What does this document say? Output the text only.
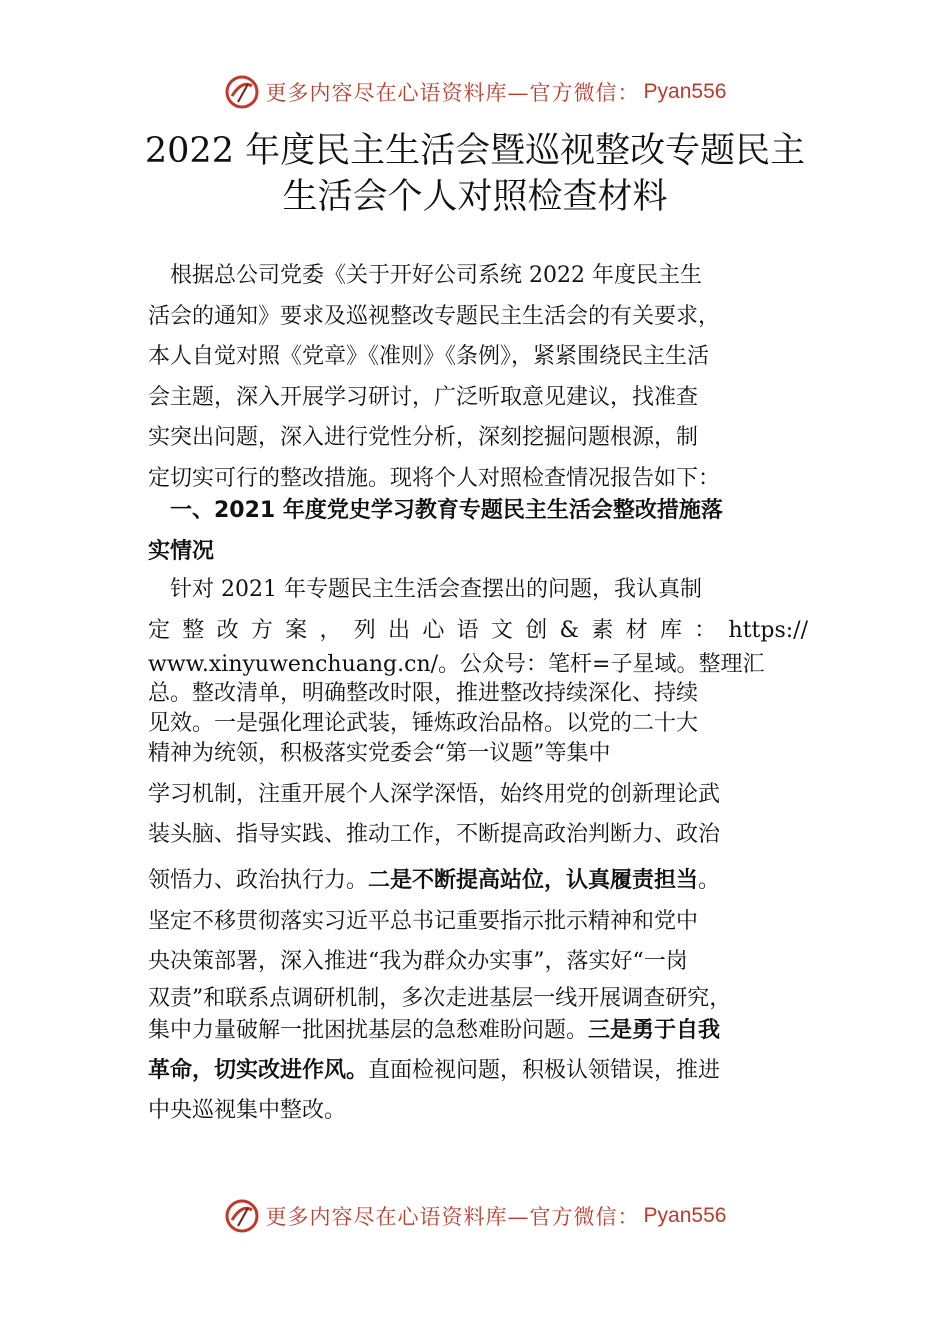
更多内容尽在心语资料库—官方微信： Pyan556
2022 年度民主生活会暨巡视整改专题民主
生活会个人对照检查材料
　根据总公司党委《关于开好公司系统 2022 年度民主生
活会的通知》要求及巡视整改专题民主生活会的有关要求，
本人自觉对照《党章》《准则》《条例》，紧紧围绕民主生活
会主题，深入开展学习研讨，广泛听取意见建议，找准查
实突出问题，深入进行党性分析，深刻挖掘问题根源，制
定切实可行的整改措施。现将个人对照检查情况报告如下：
　一、2021 年度党史学习教育专题民主生活会整改措施落
实情况
　针对 2021 年专题民主生活会查摆出的问题，我认真制
定整改方案，列出心语文创&素材库：https://
www.xinyuwenchuang.cn/。公众号：笔杆=子星域。整理汇
总。整改清单，明确整改时限，推进整改持续深化、持续
见效。一是强化理论武装，锤炼政治品格。以党的二十大
精神为统领，积极落实党委会“第一议题”等集中
学习机制，注重开展个人深学深悟，始终用党的创新理论武
装头脑、指导实践、推动工作，不断提高政治判断力、政治
领悟力、政治执行力。二是不断提高站位，认真履责担当。
坚定不移贯彻落实习近平总书记重要指示批示精神和党中
央决策部署，深入推进“我为群众办实事”，落实好“一岗
双责”和联系点调研机制，多次走进基层一线开展调查研究，
集中力量破解一批困扰基层的急愁难盼问题。三是勇于自我
革命，切实改进作风。直面检视问题，积极认领错误，推进
中央巡视集中整改。
更多内容尽在心语资料库—官方微信： Pyan556
